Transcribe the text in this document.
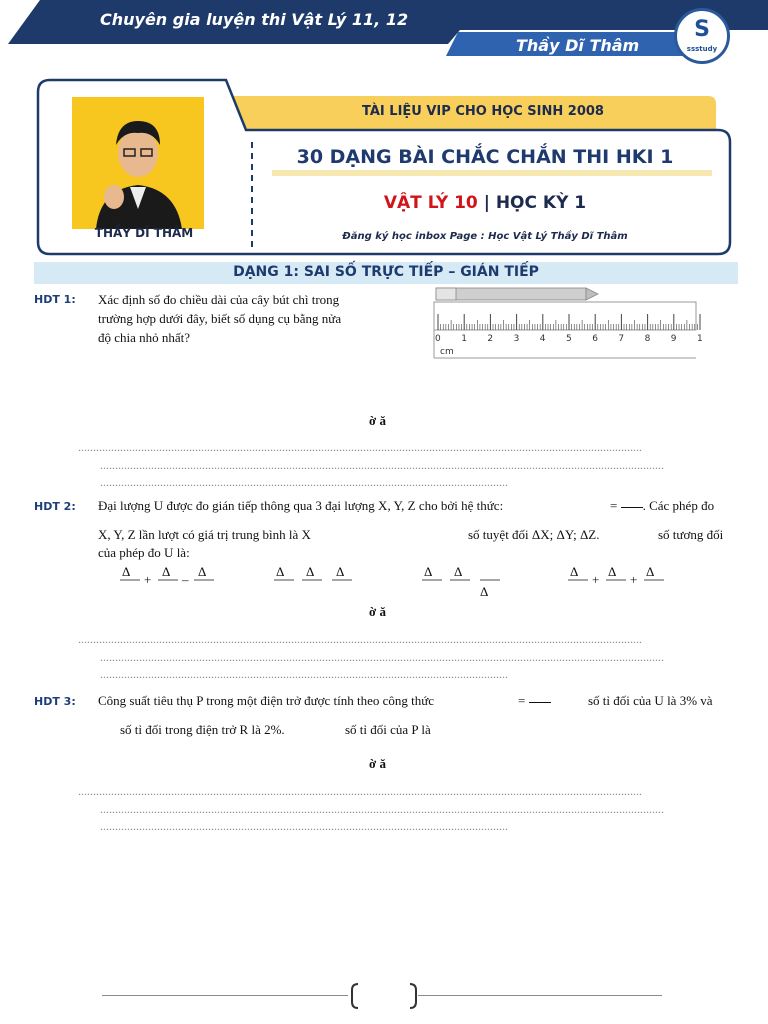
Chuyên gia luyện thi Vật Lý 11, 12
Thầy Dĩ Thâm
S
ssstudy
THẦY DĨ THÂM
TÀI LIỆU VIP CHO HỌC SINH 2008
30 DẠNG BÀI CHẮC CHẮN THI HKI 1
VẬT LÝ 10 | HỌC KỲ 1
Đăng ký học inbox Page : Học Vật Lý Thầy Dĩ Thâm
DẠNG 1: SAI SỐ TRỰC TIẾP – GIÁN TIẾP
HDT 1: Xác định số đo chiều dài của cây bút chì trong
trường hợp dưới đây, biết số dụng cụ bằng nửa
độ chia nhỏ nhất?	0 1 2 3 4 5 6 7 8 9 1
cm
ờ ă
............................................................................................................................................................................................
............................................................................................................................................................................................
........................................................................................................................................
HDT 2: Đại lượng U được đo gián tiếp thông qua 3 đại lượng X, Y, Z cho bởi hệ thức:	= . Các phép đo
X, Y, Z lần lượt có giá trị trung bình là X	số tuyệt đối ΔX; ΔY; ΔZ.	số tương đối
của phép đo U là:
Δ
+
Δ
–
Δ	Δ Δ Δ	Δ Δ
Δ
Δ
+
Δ
+
Δ
ờ ă
............................................................................................................................................................................................
............................................................................................................................................................................................
........................................................................................................................................
HDT 3: Công suất tiêu thụ P trong một điện trở được tính theo công thức	=	số tỉ đối của U là 3% và
số tỉ đối trong điện trở R là 2%.	số tỉ đối của P là
ờ ă
............................................................................................................................................................................................
............................................................................................................................................................................................
........................................................................................................................................
